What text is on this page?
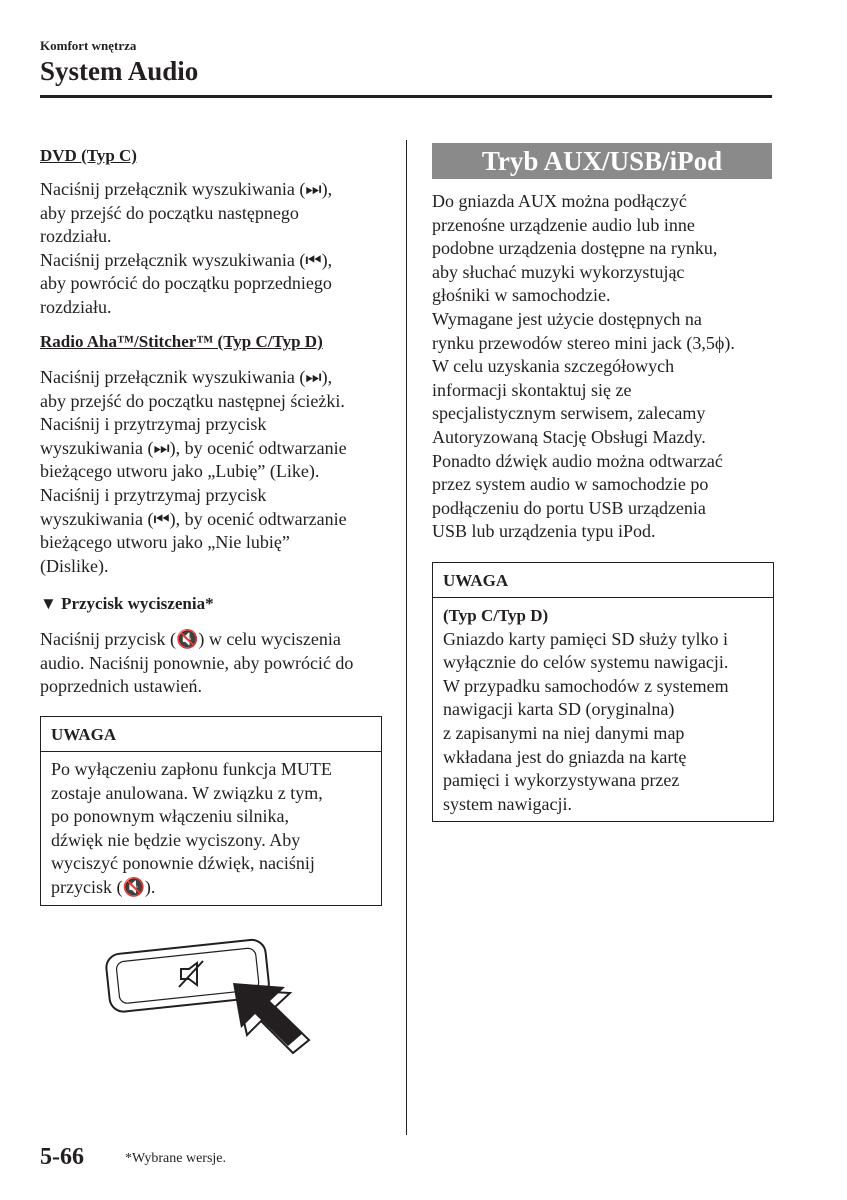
Komfort wnętrza
System Audio
DVD (Typ C)
Naciśnij przełącznik wyszukiwania (⏭),
aby przejść do początku następnego
rozdziału.
Naciśnij przełącznik wyszukiwania (⏮),
aby powrócić do początku poprzedniego
rozdziału.
Radio Aha™/Stitcher™ (Typ C/Typ D)
Naciśnij przełącznik wyszukiwania (⏭),
aby przejść do początku następnej ścieżki.
Naciśnij i przytrzymaj przycisk
wyszukiwania (⏭), by ocenić odtwarzanie
bieżącego utworu jako „Lubię” (Like).
Naciśnij i przytrzymaj przycisk
wyszukiwania (⏮), by ocenić odtwarzanie
bieżącego utworu jako „Nie lubię”
(Dislike).
▼ Przycisk wyciszenia*
Naciśnij przycisk (🔇) w celu wyciszenia
audio. Naciśnij ponownie, aby powrócić do
poprzednich ustawień.
UWAGA
Po wyłączeniu zapłonu funkcja MUTE
zostaje anulowana. W związku z tym,
po ponownym włączeniu silnika,
dźwięk nie będzie wyciszony. Aby
wyciszyć ponownie dźwięk, naciśnij
przycisk (🔇).
Tryb AUX/USB/iPod
Do gniazda AUX można podłączyć
przenośne urządzenie audio lub inne
podobne urządzenia dostępne na rynku,
aby słuchać muzyki wykorzystując
głośniki w samochodzie.
Wymagane jest użycie dostępnych na
rynku przewodów stereo mini jack (3,5ϕ).
W celu uzyskania szczegółowych
informacji skontaktuj się ze
specjalistycznym serwisem, zalecamy
Autoryzowaną Stację Obsługi Mazdy.
Ponadto dźwięk audio można odtwarzać
przez system audio w samochodzie po
podłączeniu do portu USB urządzenia
USB lub urządzenia typu iPod.
UWAGA
(Typ C/Typ D)
Gniazdo karty pamięci SD służy tylko i
wyłącznie do celów systemu nawigacji.
W przypadku samochodów z systemem
nawigacji karta SD (oryginalna)
z zapisanymi na niej danymi map
wkładana jest do gniazda na kartę
pamięci i wykorzystywana przez
system nawigacji.
5-66	*Wybrane wersje.
